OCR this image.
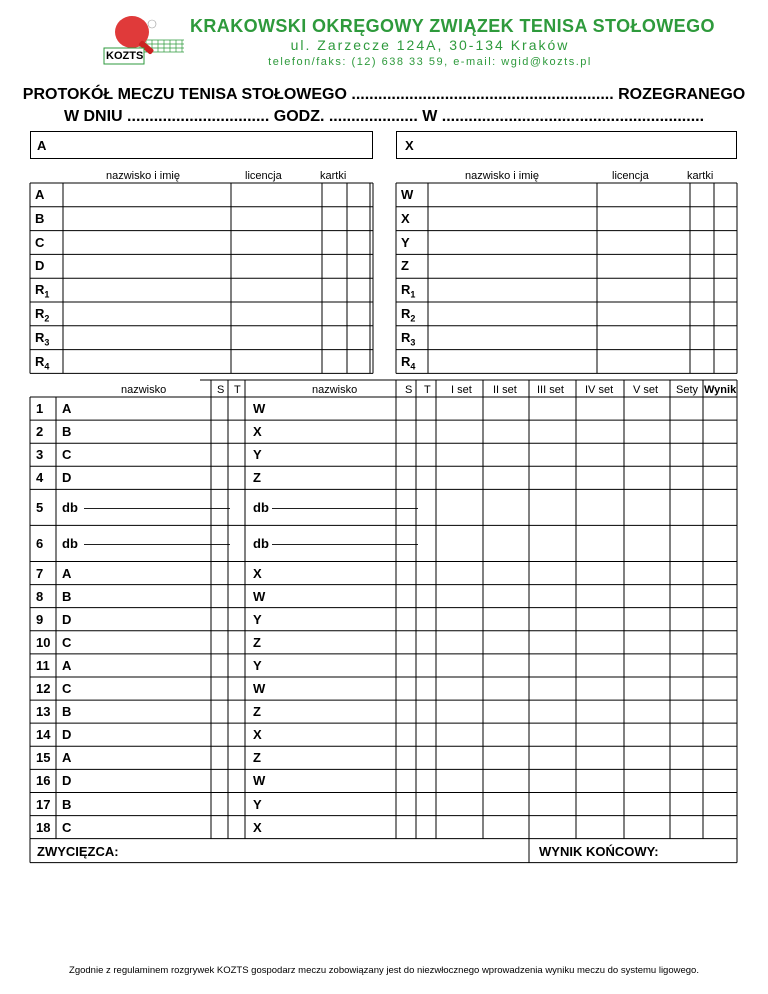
KOZTS
KRAKOWSKI OKRĘGOWY ZWIĄZEK TENISA STOŁOWEGO
ul. Zarzecze 124A, 30-134 Kraków
telefon/faks: (12) 638 33 59, e-mail: wgid@kozts.pl
PROTOKÓŁ MECZU TENISA STOŁOWEGO ........................................................... ROZEGRANEGO
W DNIU ................................ GODZ. .................... W ...........................................................
A	X
nazwisko i imię	licencja	kartki	nazwisko i imię	licencja	kartki
A
B
C
D
$R_1$
$R_2$
$R_3$
$R_4$
W
X
Y
Z
$R_1$
$R_2$
$R_3$
$R_4$
nazwisko	S T	nazwisko	S T I set II set III set IV set V set Sety Wynik
1 A	W
2 B	X
3 C	Y
4 D	Z
5 db	db
6 db	db
7 A	X
8 B	W
9 D	Y
10 C	Z
11 A	Y
12 C	W
13 B	Z
14 D	X
15 A	Z
16 D	W
17 B	Y
18 C	X
ZWYCIĘZCA:	WYNIK KOŃCOWY:
Zgodnie z regulaminem rozgrywek KOZTS gospodarz meczu zobowiązany jest do niezwłocznego wprowadzenia wyniku meczu do systemu ligowego.
